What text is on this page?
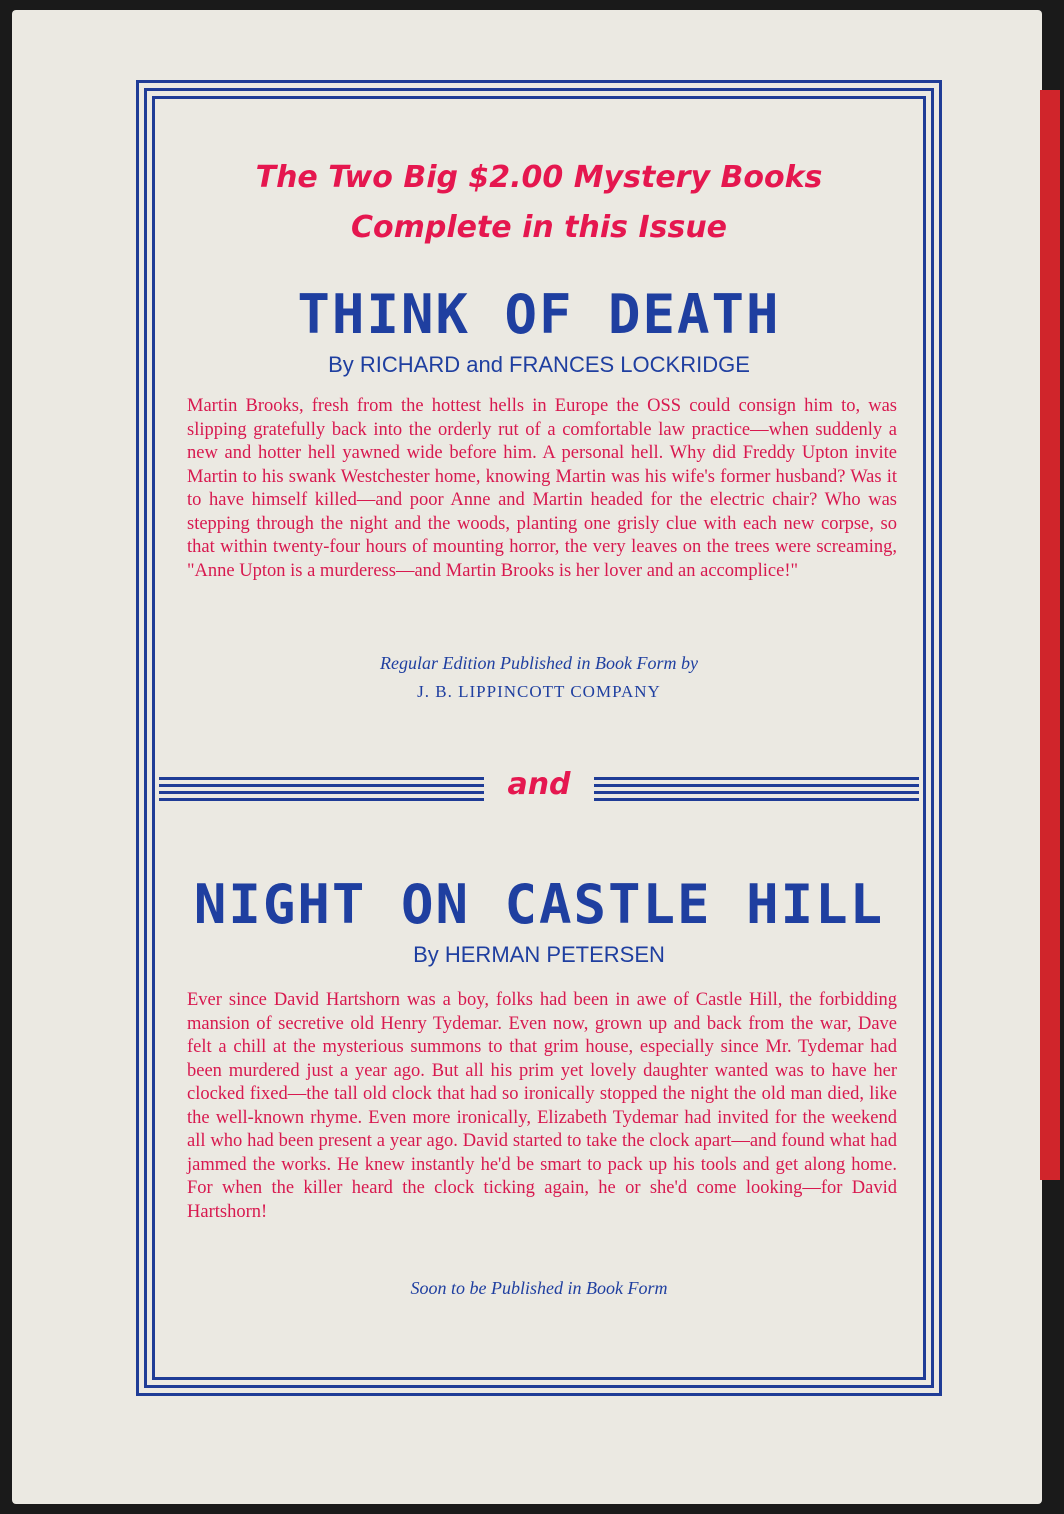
The Two Big $2.00 Mystery Books

Complete in this Issue

THINK OF DEATH

By RICHARD and FRANCES LOCKRIDGE

Martin Brooks, fresh from the hottest hells in Europe the OSS could consign him to, was slipping gratefully back into the orderly rut of a comfortable law practice—when suddenly a new and hotter hell yawned wide before him. A personal hell. Why did Freddy Upton invite Martin to his swank Westchester home, knowing Martin was his wife's former husband? Was it to have himself killed—and poor Anne and Martin headed for the electric chair? Who was stepping through the night and the woods, planting one grisly clue with each new corpse, so that within twenty-four hours of mounting horror, the very leaves on the trees were screaming, "Anne Upton is a murderess—and Martin Brooks is her lover and an accomplice!"

Regular Edition Published in Book Form by

J. B. LIPPINCOTT COMPANY

and

NIGHT ON CASTLE HILL

By HERMAN PETERSEN

Ever since David Hartshorn was a boy, folks had been in awe of Castle Hill, the forbidding mansion of secretive old Henry Tydemar. Even now, grown up and back from the war, Dave felt a chill at the mysterious summons to that grim house, especially since Mr. Tydemar had been murdered just a year ago. But all his prim yet lovely daughter wanted was to have her clocked fixed—the tall old clock that had so ironically stopped the night the old man died, like the well-known rhyme. Even more ironically, Elizabeth Tydemar had invited for the weekend all who had been present a year ago. David started to take the clock apart—and found what had jammed the works. He knew instantly he'd be smart to pack up his tools and get along home. For when the killer heard the clock ticking again, he or she'd come looking—for David Hartshorn!

Soon to be Published in Book Form
